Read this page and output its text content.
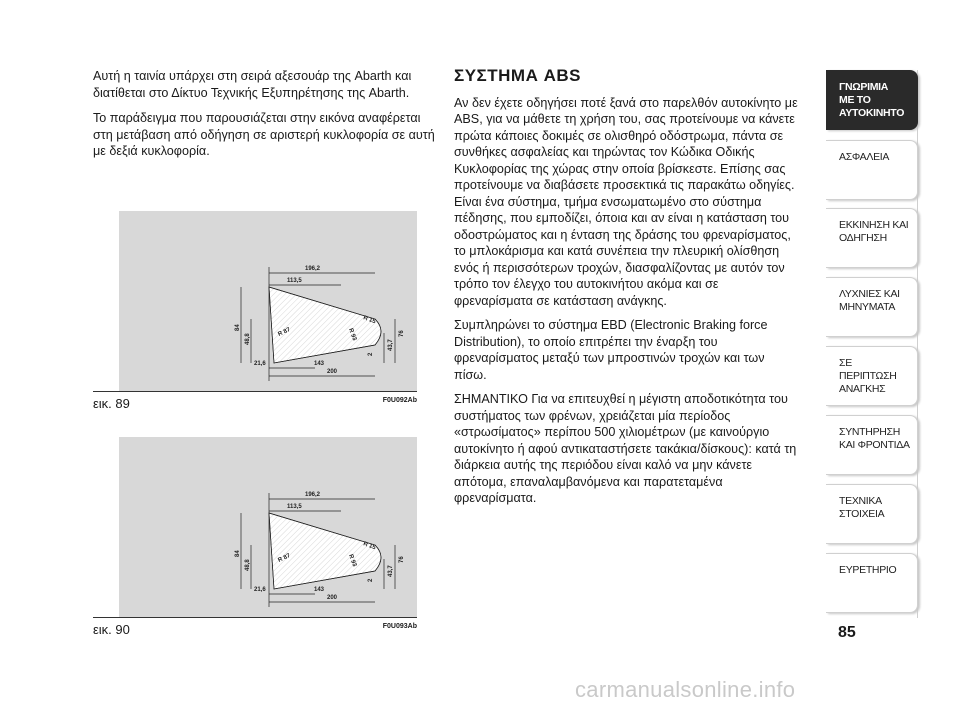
Αυτή η ταινία υπάρχει στη σειρά αξεσουάρ της Abarth και διατίθεται στο Δίκτυο Τεχνικής Εξυπηρέτησης της Abarth.

Το παράδειγμα που παρουσιάζεται στην εικόνα αναφέρεται στη μετάβαση από οδήγηση σε αριστερή κυκλοφορία σε αυτή με δεξιά κυκλοφορία.

196,2
113,5
R 87	R 93
R 15
84
48,8
21,6	143
200
2
43,7
76
εικ. 89	F0U092Ab
196,2
113,5
R 87	R 93
R 15
84
48,8
21,6	143
200
2
43,7
76
εικ. 90	F0U093Ab
ΣΥΣΤΗΜΑ ABS

Αν δεν έχετε οδηγήσει ποτέ ξανά στο παρελθόν αυτοκίνητο με ABS, για να μάθετε τη χρήση του, σας προτείνουμε να κάνετε πρώτα κάποιες δοκιμές σε ολισθηρό οδόστρωμα, πάντα σε συνθήκες ασφαλείας και τηρώντας τον Κώδικα Οδικής Κυκλοφορίας της χώρας στην οποία βρίσκεστε. Επίσης σας προτείνουμε να διαβάσετε προσεκτικά τις παρακάτω οδηγίες. Είναι ένα σύστημα, τμήμα ενσωματωμένο στο σύστημα πέδησης, που εμποδίζει, όποια και αν είναι η κατάσταση του οδοστρώματος και η ένταση της δράσης του φρεναρίσματος, το μπλοκάρισμα και κατά συνέπεια την πλευρική ολίσθηση ενός ή περισσότερων τροχών, διασφαλίζοντας με αυτόν τον τρόπο τον έλεγχο του αυτοκινήτου ακόμα και σε φρεναρίσματα σε κατάσταση ανάγκης.

Συμπληρώνει το σύστημα EBD (Electronic Braking force Distribution), το οποίο επιτρέπει την έναρξη του φρεναρίσματος μεταξύ των μπροστινών τροχών και των πίσω.

ΣΗΜΑΝΤΙΚΟ Για να επιτευχθεί η μέγιστη αποδοτικότητα του συστήματος των φρένων, χρειάζεται μία περίοδος «στρωσίματος» περίπου 500 χιλιομέτρων (με καινούργιο αυτοκίνητο ή αφού αντικαταστήσετε τακάκια/δίσκους): κατά τη διάρκεια αυτής της περιόδου είναι καλό να μην κάνετε απότομα, επαναλαμβανόμενα και παρατεταμένα φρεναρίσματα.

ΓΝΩΡΙΜΙΑ
ΜΕ ΤΟ
ΑΥΤΟΚΙΝΗΤΟ
ΑΣΦΑΛΕΙΑ
ΕΚΚΙΝΗΣΗ ΚΑΙ
ΟΔΗΓΗΣΗ
ΛΥΧΝΙΕΣ ΚΑΙ
ΜΗΝΥΜΑΤΑ
ΣΕ ΠΕΡΙΠΤΩΣΗ
ΑΝΑΓΚΗΣ
ΣΥΝΤΗΡΗΣΗ
ΚΑΙ ΦΡΟΝΤΙΔΑ
ΤΕΧΝΙΚΑ
ΣΤΟΙΧΕΙΑ
ΕΥΡΕΤΗΡΙΟ
85
carmanualsonline.info
